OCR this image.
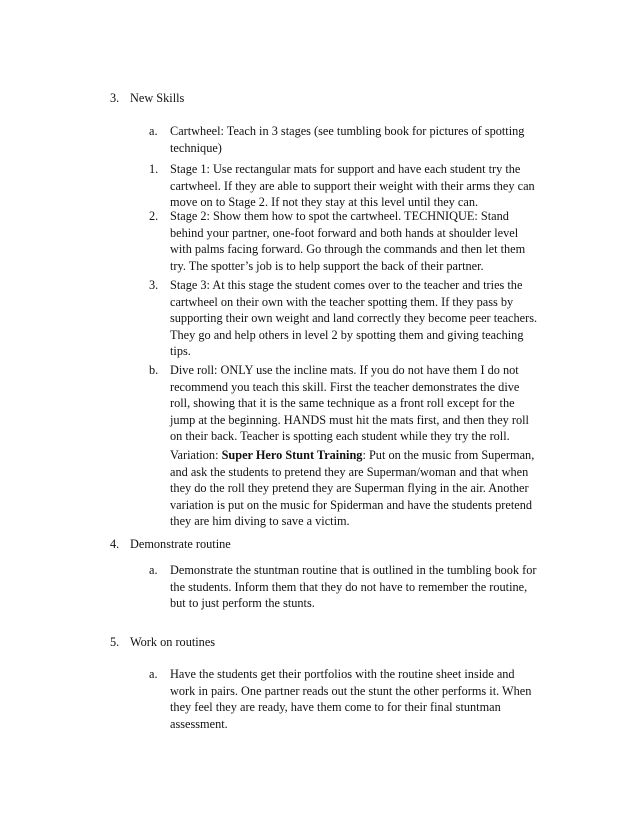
3. New Skills
a.	Cartwheel: Teach in 3 stages (see tumbling book for pictures of spotting
technique)
1. Stage 1: Use rectangular mats for support and have each student try the
cartwheel. If they are able to support their weight with their arms they can
move on to Stage 2. If not they stay at this level until they can.
2. Stage 2: Show them how to spot the cartwheel. TECHNIQUE: Stand
behind your partner, one-foot forward and both hands at shoulder level
with palms facing forward. Go through the commands and then let them
try. The spotter’s job is to help support the back of their partner.
3. Stage 3: At this stage the student comes over to the teacher and tries the
cartwheel on their own with the teacher spotting them. If they pass by
supporting their own weight and land correctly they become peer teachers.
They go and help others in level 2 by spotting them and giving teaching
tips.
b. Dive roll: ONLY use the incline mats. If you do not have them I do not
recommend you teach this skill. First the teacher demonstrates the dive
roll, showing that it is the same technique as a front roll except for the
jump at the beginning. HANDS must hit the mats first, and then they roll
on their back. Teacher is spotting each student while they try the roll.
Variation: Super Hero Stunt Training: Put on the music from Superman,
and ask the students to pretend they are Superman/woman and that when
they do the roll they pretend they are Superman flying in the air. Another
variation is put on the music for Spiderman and have the students pretend
they are him diving to save a victim.
4. Demonstrate routine
a.	Demonstrate the stuntman routine that is outlined in the tumbling book for
the students. Inform them that they do not have to remember the routine,
but to just perform the stunts.
5. Work on routines
a.	Have the students get their portfolios with the routine sheet inside and
work in pairs. One partner reads out the stunt the other performs it. When
they feel they are ready, have them come to for their final stuntman
assessment.
